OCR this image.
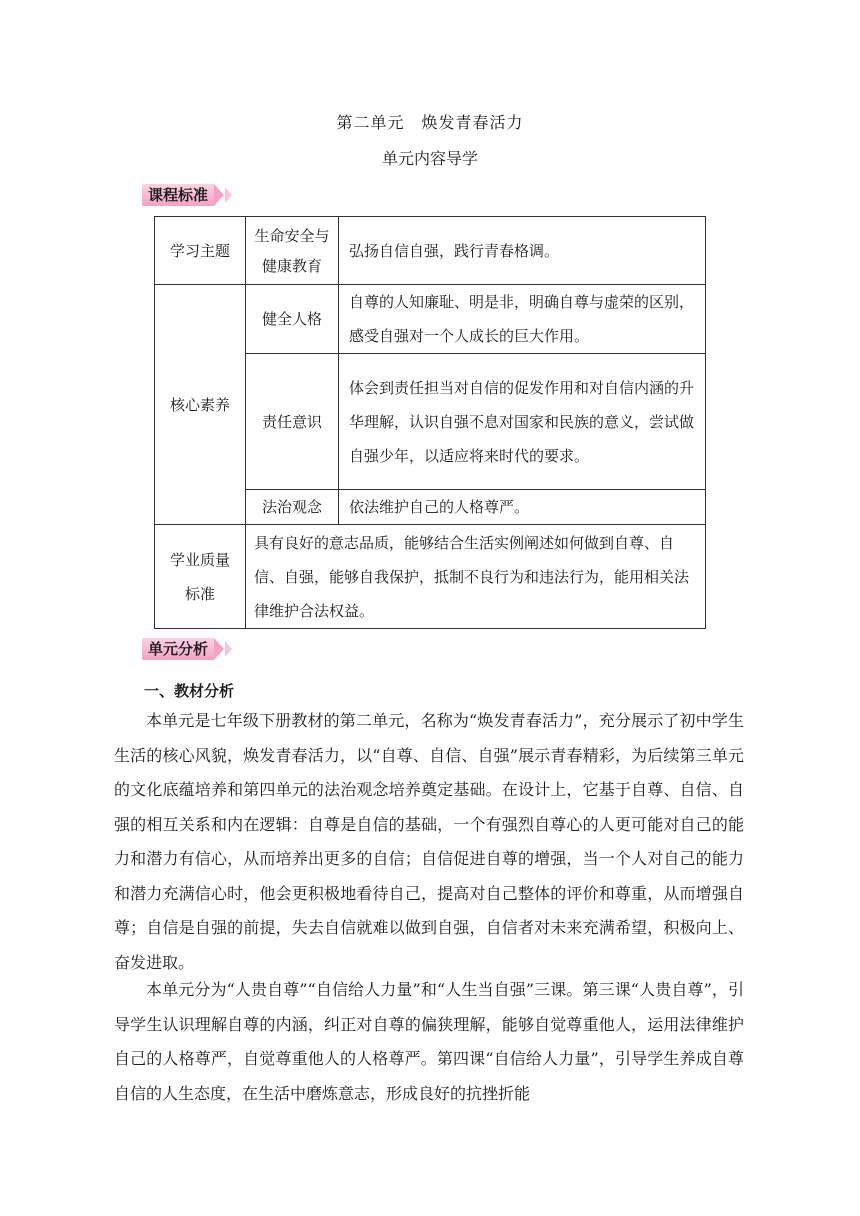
第二单元　焕发青春活力
单元内容导学
课程标准
学习主题	生命安全与健康教育	弘扬自信自强，践行青春格调。
核心素养	健全人格	自尊的人知廉耻、明是非，明确自尊与虚荣的区别，感受自强对一个人成长的巨大作用。
	责任意识	体会到责任担当对自信的促发作用和对自信内涵的升华理解，认识自强不息对国家和民族的意义，尝试做自强少年，以适应将来时代的要求。
	法治观念	依法维护自己的人格尊严。
学业质量标准	具有良好的意志品质，能够结合生活实例阐述如何做到自尊、自信、自强，能够自我保护，抵制不良行为和违法行为，能用相关法律维护合法权益。	
单元分析
一、教材分析

本单元是七年级下册教材的第二单元，名称为“焕发青春活力”，充分展示了初中学生生活的核心风貌，焕发青春活力，以“自尊、自信、自强”展示青春精彩，为后续第三单元的文化底蕴培养和第四单元的法治观念培养奠定基础。在设计上，它基于自尊、自信、自强的相互关系和内在逻辑：自尊是自信的基础，一个有强烈自尊心的人更可能对自己的能力和潜力有信心，从而培养出更多的自信；自信促进自尊的增强，当一个人对自己的能力和潜力充满信心时，他会更积极地看待自己，提高对自己整体的评价和尊重，从而增强自尊；自信是自强的前提，失去自信就难以做到自强，自信者对未来充满希望，积极向上、奋发进取。

本单元分为“人贵自尊”“自信给人力量”和“人生当自强”三课。第三课“人贵自尊”，引导学生认识理解自尊的内涵，纠正对自尊的偏狭理解，能够自觉尊重他人，运用法律维护自己的人格尊严，自觉尊重他人的人格尊严。第四课“自信给人力量”，引导学生养成自尊自信的人生态度，在生活中磨炼意志，形成良好的抗挫折能
